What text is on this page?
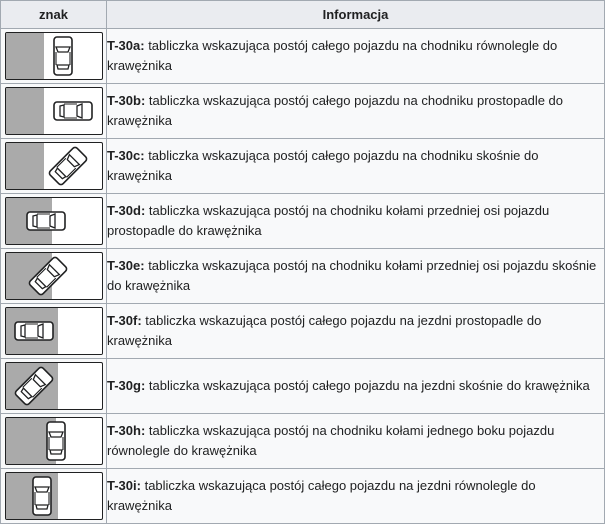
znak	Informacja

	T-30a: tabliczka wskazująca postój całego pojazdu na chodniku równolegle do krawężnika

	T-30b: tabliczka wskazująca postój całego pojazdu na chodniku prostopadle do krawężnika

	T-30c: tabliczka wskazująca postój całego pojazdu na chodniku skośnie do krawężnika

	T-30d: tabliczka wskazująca postój na chodniku kołami przedniej osi pojazdu prostopadle do krawężnika

	T-30e: tabliczka wskazująca postój na chodniku kołami przedniej osi pojazdu skośnie do krawężnika

	T-30f: tabliczka wskazująca postój całego pojazdu na jezdni prostopadle do krawężnika

	T-30g: tabliczka wskazująca postój całego pojazdu na jezdni skośnie do krawężnika

	T-30h: tabliczka wskazująca postój na chodniku kołami jednego boku pojazdu równolegle do krawężnika

	T-30i: tabliczka wskazująca postój całego pojazdu na jezdni równolegle do krawężnika
